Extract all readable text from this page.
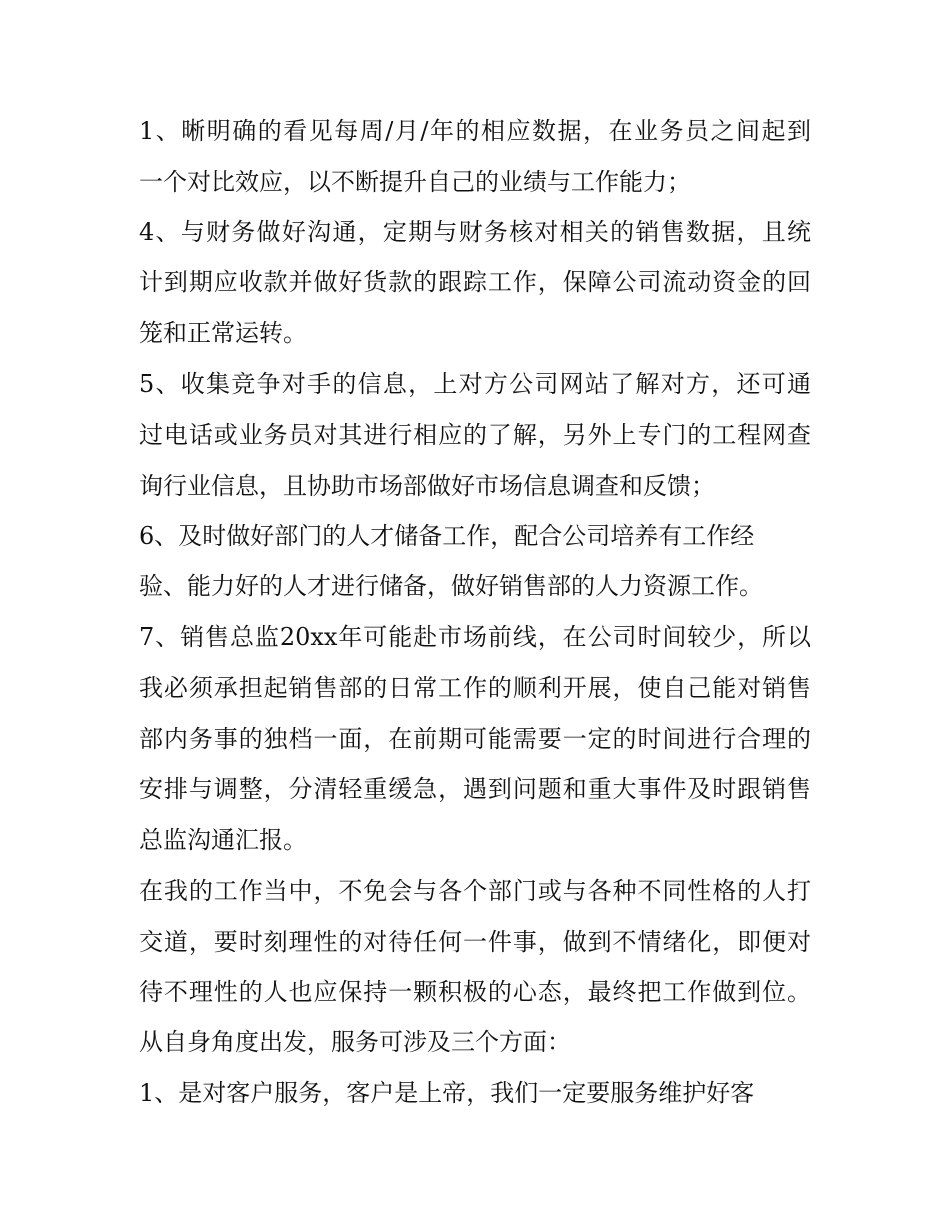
1、晰明确的看见每周/月/年的相应数据，在业务员之间起到
一个对比效应，以不断提升自己的业绩与工作能力；
4、与财务做好沟通，定期与财务核对相关的销售数据，且统
计到期应收款并做好货款的跟踪工作，保障公司流动资金的回
笼和正常运转。
5、收集竞争对手的信息，上对方公司网站了解对方，还可通
过电话或业务员对其进行相应的了解，另外上专门的工程网查
询行业信息，且协助市场部做好市场信息调查和反馈；
6、及时做好部门的人才储备工作，配合公司培养有工作经
验、能力好的人才进行储备，做好销售部的人力资源工作。
7、销售总监20xx年可能赴市场前线，在公司时间较少，所以
我必须承担起销售部的日常工作的顺利开展，使自己能对销售
部内务事的独档一面，在前期可能需要一定的时间进行合理的
安排与调整，分清轻重缓急，遇到问题和重大事件及时跟销售
总监沟通汇报。
在我的工作当中，不免会与各个部门或与各种不同性格的人打
交道，要时刻理性的对待任何一件事，做到不情绪化，即便对
待不理性的人也应保持一颗积极的心态，最终把工作做到位。
从自身角度出发，服务可涉及三个方面：
1、是对客户服务，客户是上帝，我们一定要服务维护好客
